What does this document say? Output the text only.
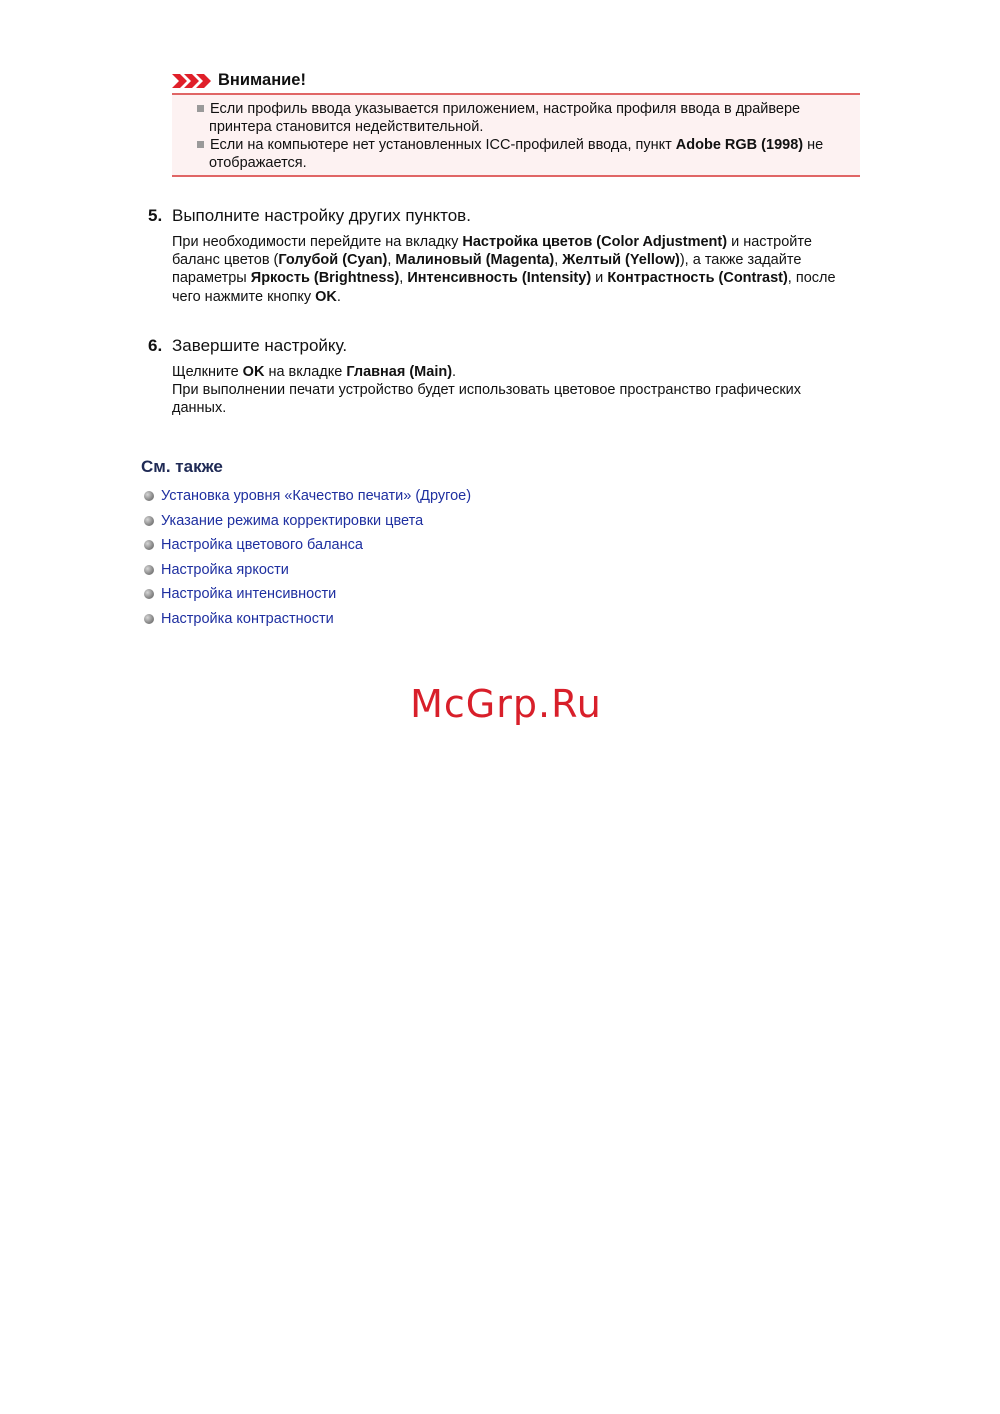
Внимание!
Если профиль ввода указывается приложением, настройка профиля ввода в драйвере принтера становится недействительной.
Если на компьютере нет установленных ICC-профилей ввода, пункт Adobe RGB (1998) не отображается.
5. Выполните настройку других пунктов.
При необходимости перейдите на вкладку Настройка цветов (Color Adjustment) и настройте баланс цветов (Голубой (Cyan), Малиновый (Magenta), Желтый (Yellow)), а также задайте параметры Яркость (Brightness), Интенсивность (Intensity) и Контрастность (Contrast), после чего нажмите кнопку OK.
6. Завершите настройку.
Щелкните OK на вкладке Главная (Main).
При выполнении печати устройство будет использовать цветовое пространство графических данных.
См. также
Установка уровня «Качество печати» (Другое)
Указание режима корректировки цвета
Настройка цветового баланса
Настройка яркости
Настройка интенсивности
Настройка контрастности
McGrp.Ru
